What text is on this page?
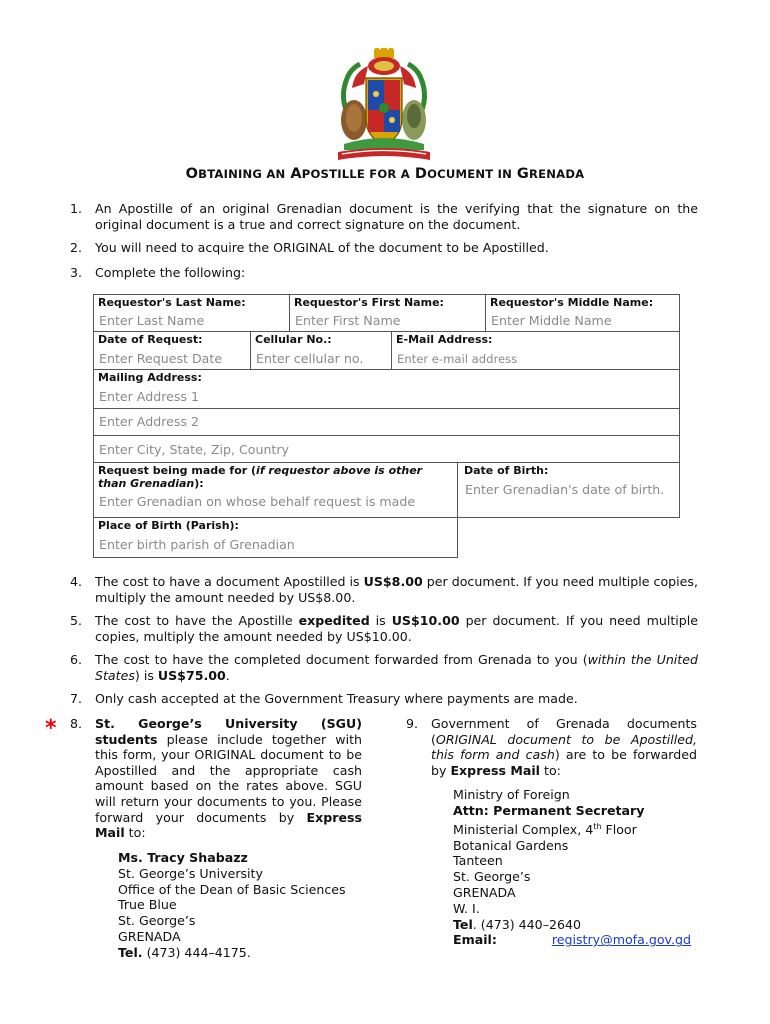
OBTAINING AN APOSTILLE FOR A DOCUMENT IN GRENADA
1.	An Apostille of an original Grenadian document is the verifying that the signature on the original document is a true and correct signature on the document.
2.	You will need to acquire the ORIGINAL of the document to be Apostilled.
3.	Complete the following:
Requestor's Last Name:
Enter Last Name
Requestor's First Name:
Enter First Name
Requestor's Middle Name:
Enter Middle Name
Date of Request:
Enter Request Date
Cellular No.:
Enter cellular no.
E-Mail Address:
Enter e-mail address
Mailing Address:
Enter Address 1
Enter Address 2
Enter City, State, Zip, Country
Request being made for (if requestor above is other than Grenadian):
Enter Grenadian on whose behalf request is made
Date of Birth:
Enter Grenadian's date of birth.
Place of Birth (Parish):
Enter birth parish of Grenadian
4.	The cost to have a document Apostilled is US$8.00 per document. If you need multiple copies, multiply the amount needed by US$8.00.
5.	The cost to have the Apostille expedited is US$10.00 per document. If you need multiple copies, multiply the amount needed by US$10.00.
6.	The cost to have the completed document forwarded from Grenada to you (within the United States) is US$75.00.
7.	Only cash accepted at the Government Treasury where payments are made.
* 8. St. George’s University (SGU) students please include together with this form, your ORIGINAL document to be Apostilled and the appropriate cash amount based on the rates above. SGU will return your documents to you. Please forward your documents by Express Mail to:
Ms. Tracy Shabazz
St. George’s University
Office of the Dean of Basic Sciences
True Blue
St. George’s
GRENADA
Tel. (473) 444–4175.
9. Government of Grenada documents (ORIGINAL document to be Apostilled, this form and cash) are to be forwarded by Express Mail to:
Ministry of Foreign
Attn: Permanent Secretary
Ministerial Complex, 4th Floor
Botanical Gardens
Tanteen
St. George’s
GRENADA
W. I.
Tel. (473) 440–2640
Email:	registry@mofa.gov.gd
